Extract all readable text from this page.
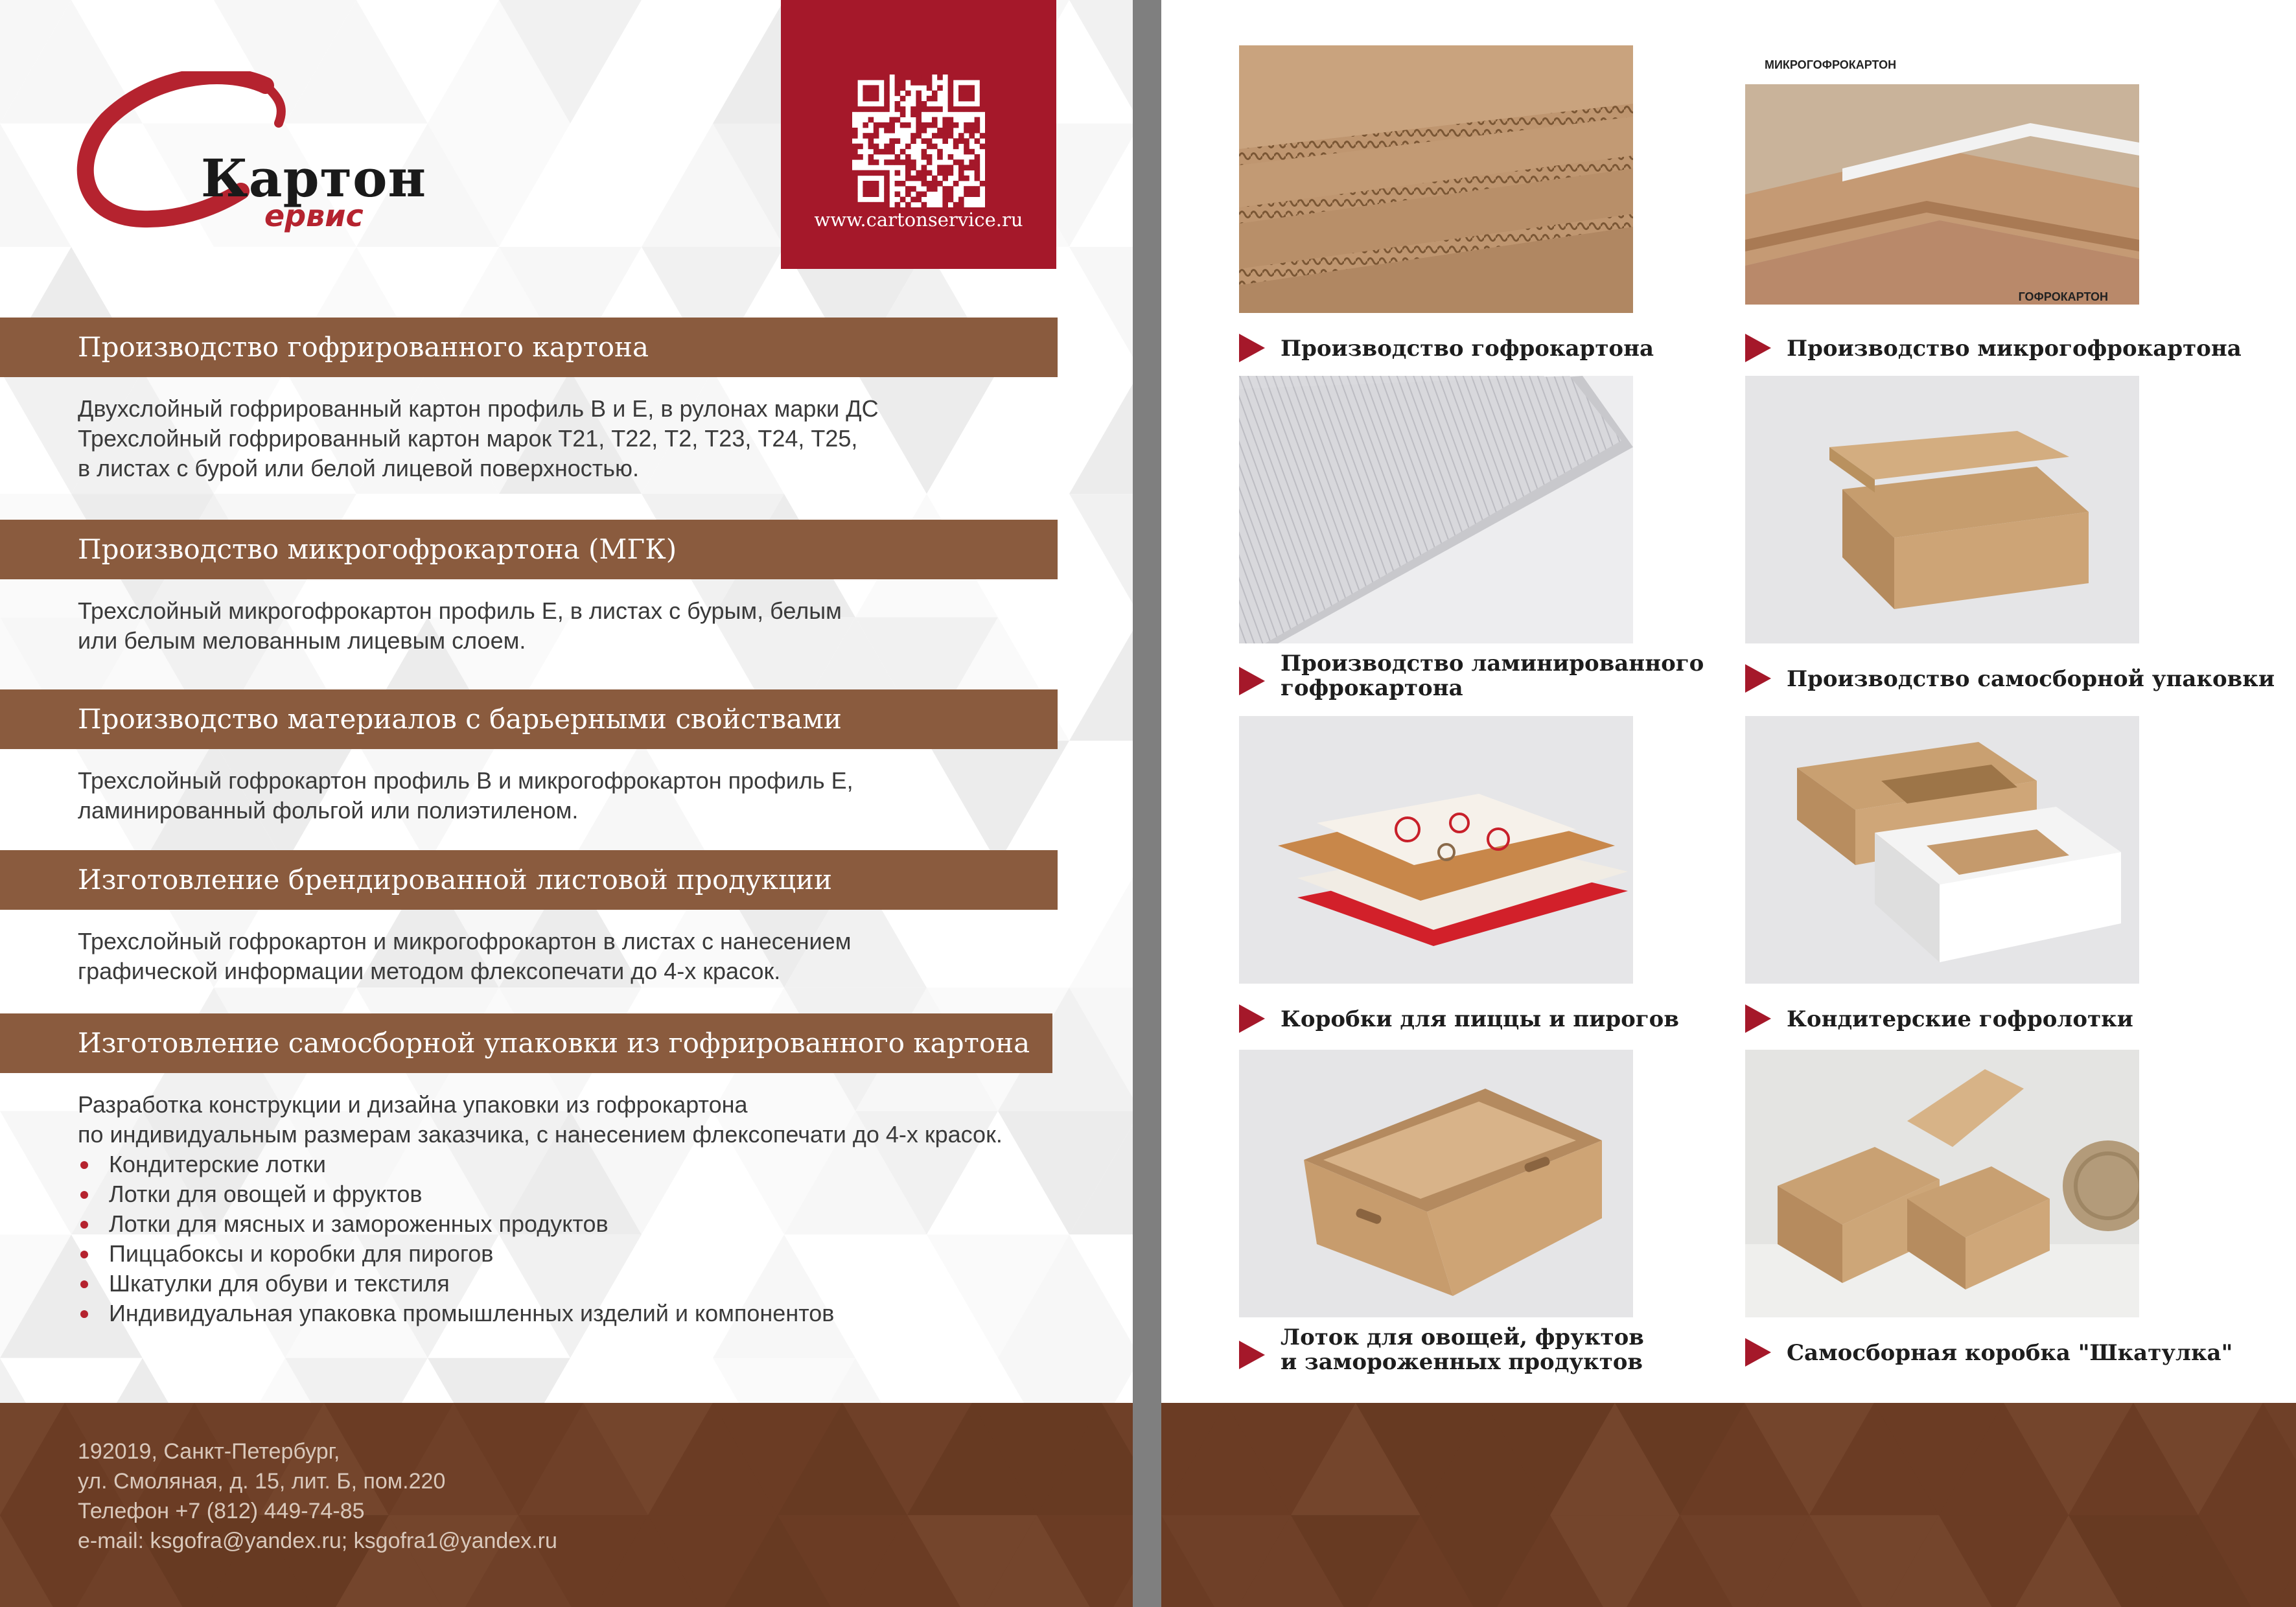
Картон
ервис	www.cartonservice.ru
Производство гофрированного картона
Двухслойный гофрированный картон профиль B и E, в рулонах марки ДС
Трехслойный гофрированный картон марок Т21, Т22, Т2, Т23, Т24, Т25,
в листах с бурой или белой лицевой поверхностью.
Производство микрогофрокартона (МГК)
Трехслойный микрогофрокартон профиль Е, в листах с бурым, белым
или белым мелованным лицевым слоем.
Производство материалов с барьерными свойствами
Трехслойный гофрокартон профиль В и микрогофрокартон профиль Е,
ламинированный фольгой или полиэтиленом.
Изготовление брендированной листовой продукции
Трехслойный гофрокартон и микрогофрокартон в листах с нанесением
графической информации методом флексопечати до 4-х красок.
Изготовление самосборной упаковки из гофрированного картона
Разработка конструкции и дизайна упаковки из гофрокартона
по индивидуальным размерам заказчика, с нанесением флексопечати до 4-х красок.
Кондитерские лотки
Лотки для овощей и фруктов
Лотки для мясных и замороженных продуктов
Пиццабоксы и коробки для пирогов
Шкатулки для обуви и текстиля
Индивидуальная упаковка промышленных изделий и компонентов
192019, Санкт-Петербург,
ул. Смоляная, д. 15, лит. Б, пом.220
Телефон +7 (812) 449-74-85
e-mail: ksgofra@yandex.ru; ksgofra1@yandex.ru
Производство гофрокартона
МИКРОГОФРОКАРТОН
ГОФРОКАРТОН
Производство микрогофрокартона
Производство ламинированного
гофрокартона	Производство самосборной упаковки
Коробки для пиццы и пирогов	Кондитерские гофролотки
Лоток для овощей, фруктов
и замороженных продуктов	Самосборная коробка "Шкатулка"
